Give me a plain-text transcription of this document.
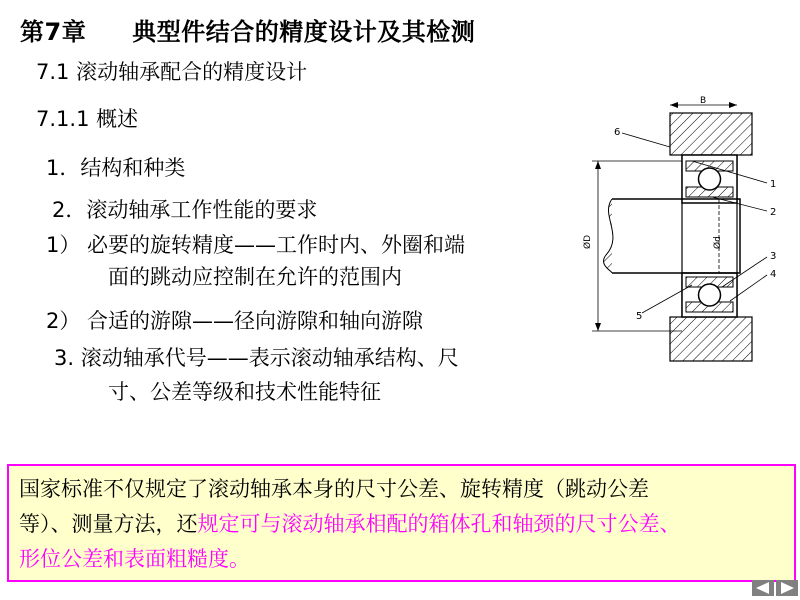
第7章 典型件结合的精度设计及其检测
7.1 滚动轴承配合的精度设计
7.1.1 概述
1．结构和种类
2．滚动轴承工作性能的要求
1） 必要的旋转精度——工作时内、外圈和端
面的跳动应控制在允许的范围内
2） 合适的游隙——径向游隙和轴向游隙
3. 滚动轴承代号——表示滚动轴承结构、尺
寸、公差等级和技术性能特征
B
ØD	Ød
1
2
3
4
5
6
国家标准不仅规定了滚动轴承本身的尺寸公差、旋转精度（跳动公差
等）、测量方法，还规定可与滚动轴承相配的箱体孔和轴颈的尺寸公差、
形位公差和表面粗糙度。
